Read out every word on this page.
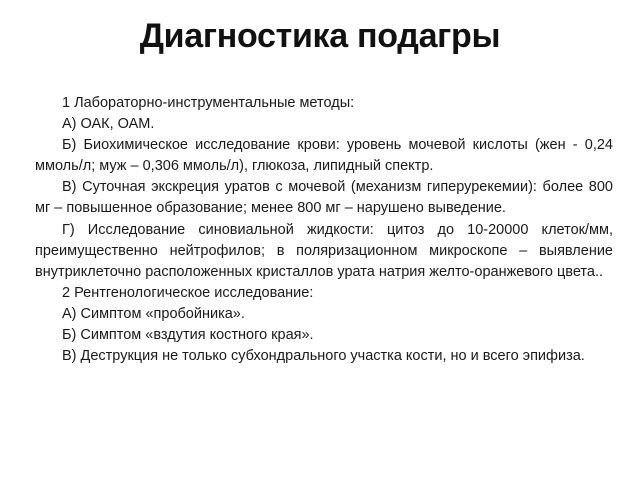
Диагностика подагры

1 Лабораторно-инструментальные методы:

А) ОАК, ОАМ.

Б) Биохимическое исследование крови: уровень мочевой кислоты (жен - 0,24 ммоль/л; муж – 0,306 ммоль/л), глюкоза, липидный спектр.

В) Суточная экскреция уратов с мочевой (механизм гиперурекемии): более 800 мг – повышенное образование; менее 800 мг – нарушено выведение.

Г) Исследование синовиальной жидкости: цитоз до 10-20000 клеток/мм, преимущественно нейтрофилов; в поляризационном микроскопе – выявление внутриклеточно расположенных кристаллов урата натрия желто-оранжевого цвета..

2 Рентгенологическое исследование:

А) Симптом «пробойника».

Б) Симптом «вздутия костного края».

В) Деструкция не только субхондрального участка кости, но и всего эпифиза.
